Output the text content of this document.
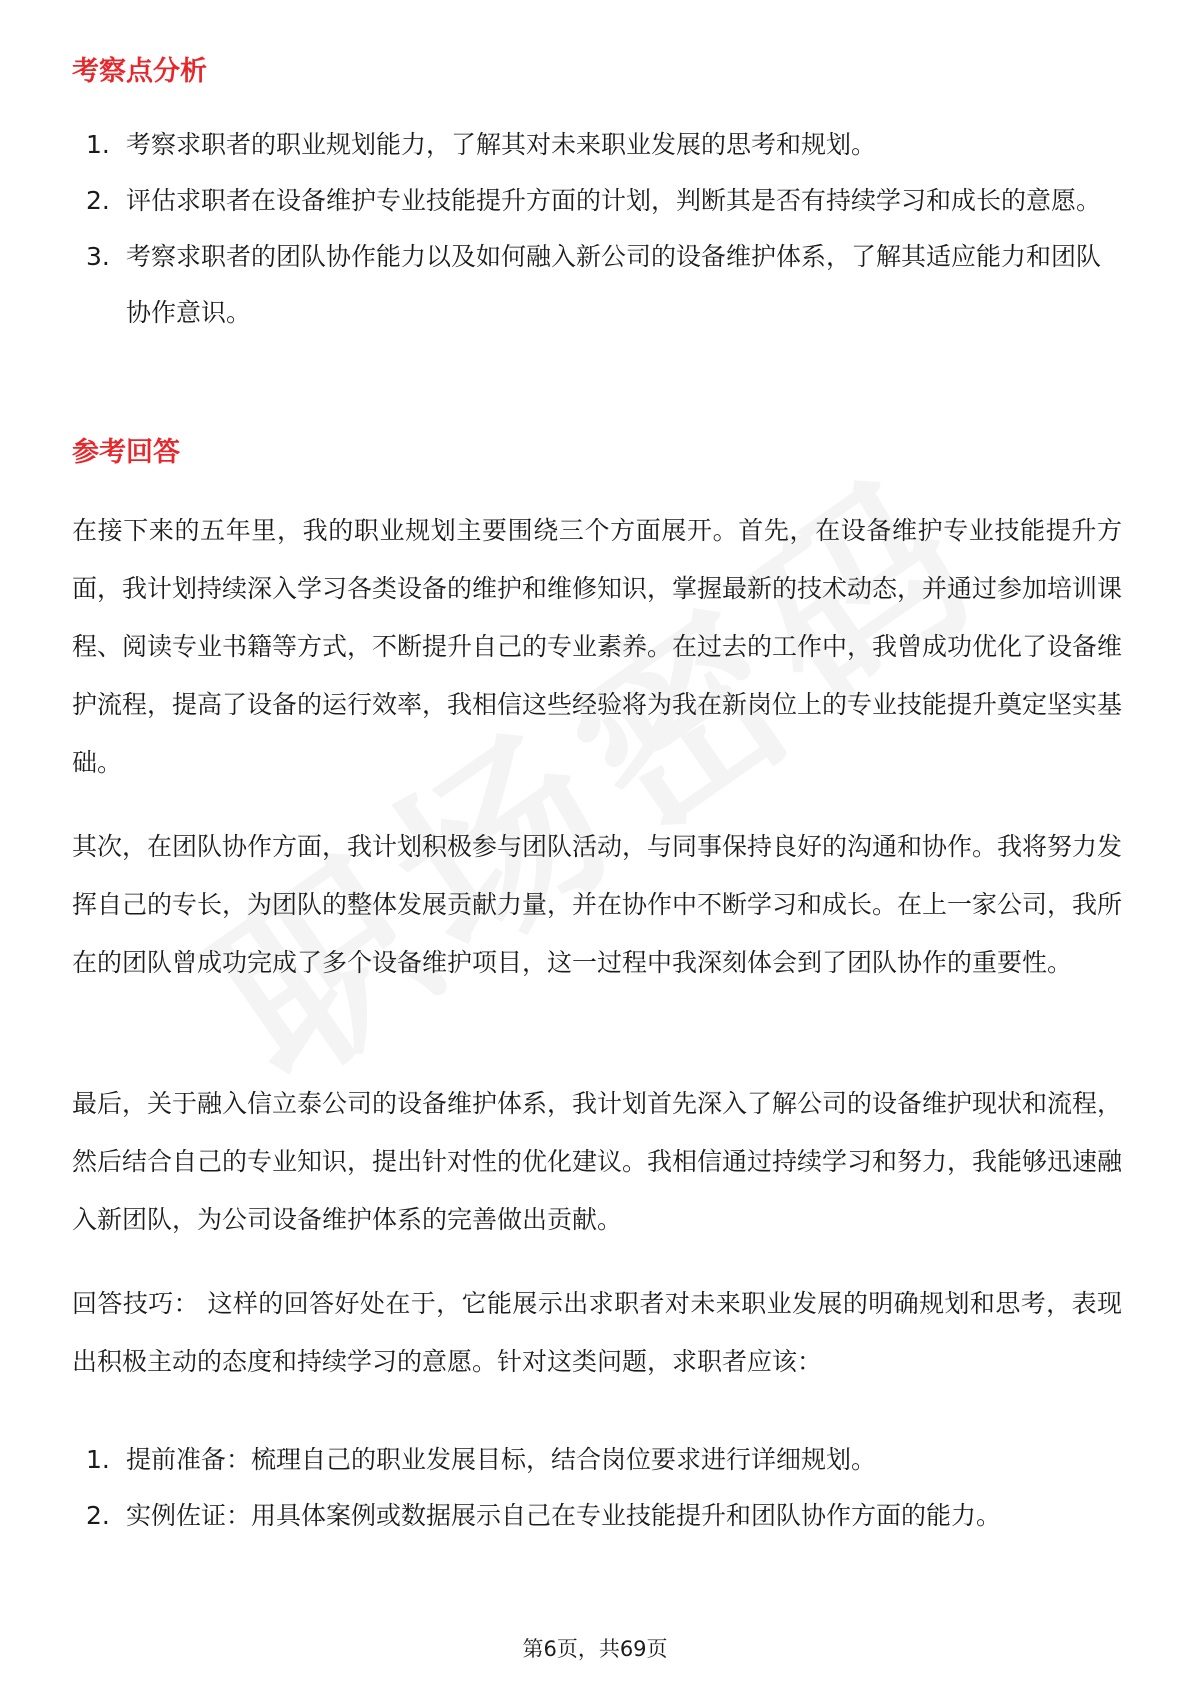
考察点分析
1. 考察求职者的职业规划能力，了解其对未来职业发展的思考和规划。
2. 评估求职者在设备维护专业技能提升方面的计划，判断其是否有持续学习和成长的意愿。
3. 考察求职者的团队协作能力以及如何融入新公司的设备维护体系，了解其适应能力和团队协作意识。
参考回答

在接下来的五年里，我的职业规划主要围绕三个方面展开。首先，在设备维护专业技能提升方面，我计划持续深入学习各类设备的维护和维修知识，掌握最新的技术动态，并通过参加培训课程、阅读专业书籍等方式，不断提升自己的专业素养。在过去的工作中，我曾成功优化了设备维护流程，提高了设备的运行效率，我相信这些经验将为我在新岗位上的专业技能提升奠定坚实基础。

其次，在团队协作方面，我计划积极参与团队活动，与同事保持良好的沟通和协作。我将努力发挥自己的专长，为团队的整体发展贡献力量，并在协作中不断学习和成长。在上一家公司，我所在的团队曾成功完成了多个设备维护项目，这一过程中我深刻体会到了团队协作的重要性。

最后，关于融入信立泰公司的设备维护体系，我计划首先深入了解公司的设备维护现状和流程，然后结合自己的专业知识，提出针对性的优化建议。我相信通过持续学习和努力，我能够迅速融入新团队，为公司设备维护体系的完善做出贡献。

回答技巧： 这样的回答好处在于，它能展示出求职者对未来职业发展的明确规划和思考，表现出积极主动的态度和持续学习的意愿。针对这类问题，求职者应该：

1. 提前准备：梳理自己的职业发展目标，结合岗位要求进行详细规划。
2. 实例佐证：用具体案例或数据展示自己在专业技能提升和团队协作方面的能力。
第6页，共69页
